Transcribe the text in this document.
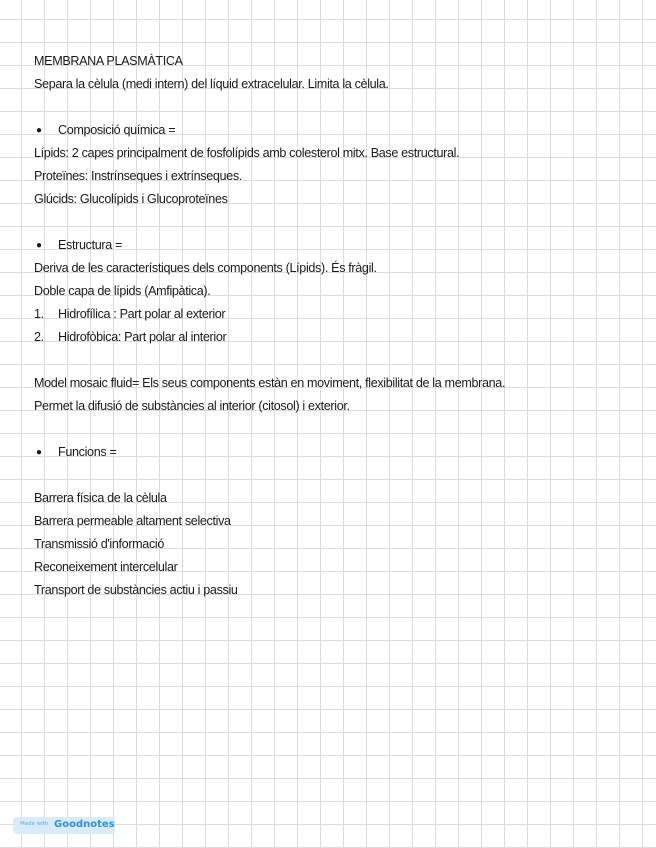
MEMBRANA PLASMÀTICA
Separa la cèlula (medi intern) del líquid extracelular. Limita la cèlula.
● Composició química =
Lípids: 2 capes principalment de fosfolípids amb colesterol mitx. Base estructural.
Proteïnes: Instrínseques i extrínseques.
Glúcids: Glucolípids i Glucoproteïnes
● Estructura =
Deriva de les característiques dels components (Lípids). És fràgil.
Doble capa de lípids (Amfipàtica).
1. Hidrofílica : Part polar al exterior
2. Hidrofòbica: Part polar al interior
Model mosaic fluid= Els seus components estàn en moviment, flexibilitat de la membrana.
Permet la difusió de substàncies al interior (citosol) i exterior.
● Funcions =
Barrera física de la cèlula
Barrera permeable altament selectiva
Transmissió d'informació
Reconeixement intercelular
Transport de substàncies actiu i passiu
Made with Goodnotes
